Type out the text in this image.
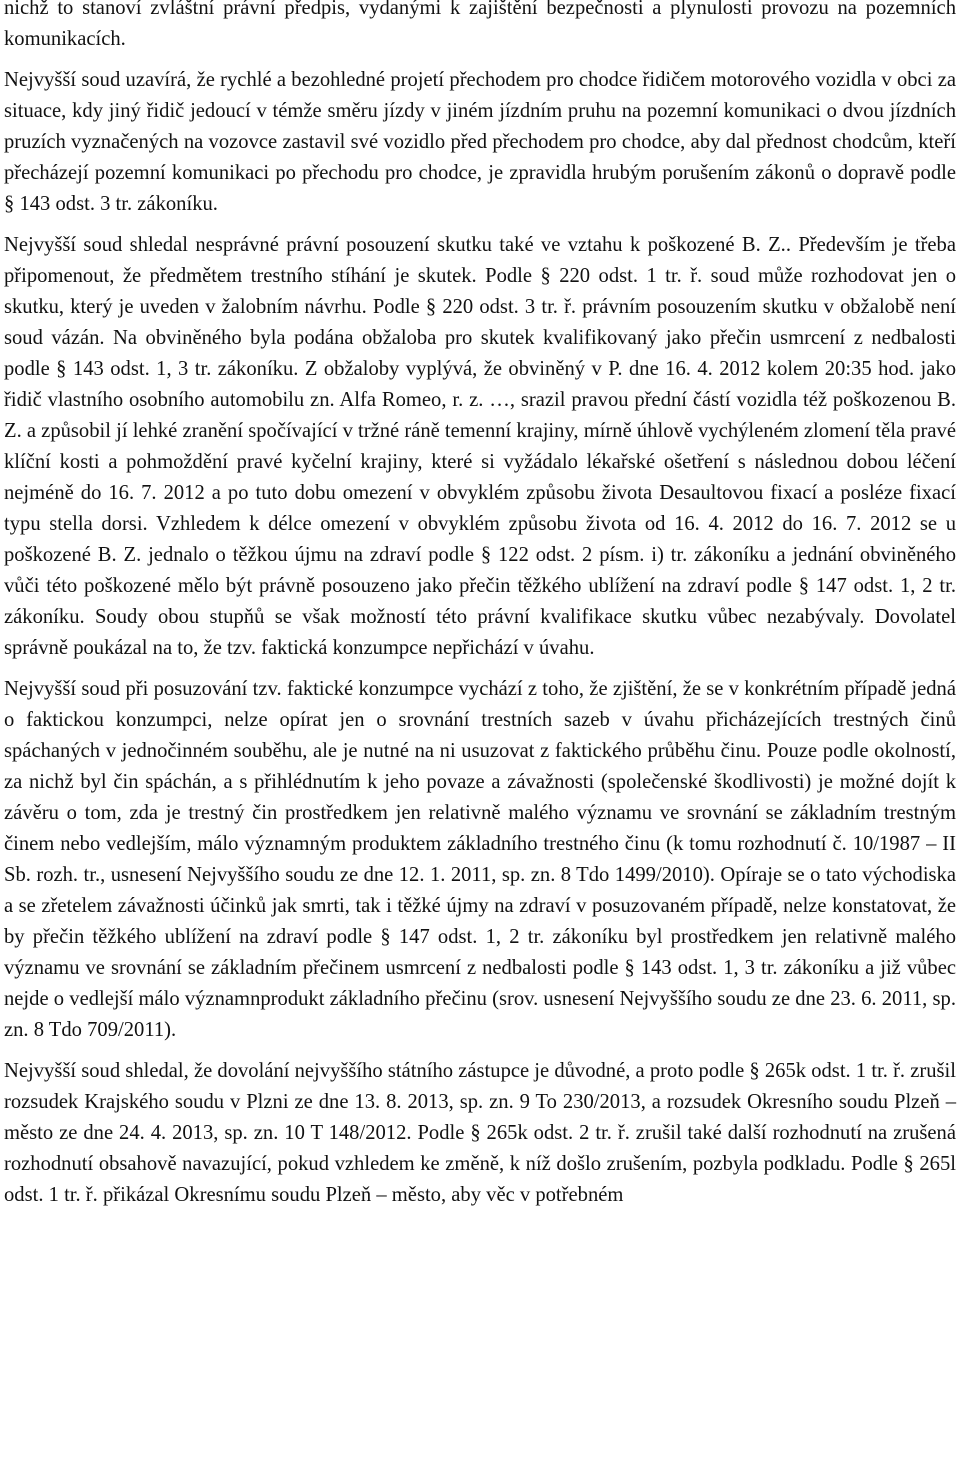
nichž to stanoví zvláštní právní předpis, vydanými k zajištění bezpečnosti a plynulosti provozu na pozemních komunikacích.

Nejvyšší soud uzavírá, že rychlé a bezohledné projetí přechodem pro chodce řidičem motorového vozidla v obci za situace, kdy jiný řidič jedoucí v témže směru jízdy v jiném jízdním pruhu na pozemní komunikaci o dvou jízdních pruzích vyznačených na vozovce zastavil své vozidlo před přechodem pro chodce, aby dal přednost chodcům, kteří přecházejí pozemní komunikaci po přechodu pro chodce, je zpravidla hrubým porušením zákonů o dopravě podle § 143 odst. 3 tr. zákoníku.

Nejvyšší soud shledal nesprávné právní posouzení skutku také ve vztahu k poškozené B. Z.. Především je třeba připomenout, že předmětem trestního stíhání je skutek. Podle § 220 odst. 1 tr. ř. soud může rozhodovat jen o skutku, který je uveden v žalobním návrhu. Podle § 220 odst. 3 tr. ř. právním posouzením skutku v obžalobě není soud vázán. Na obviněného byla podána obžaloba pro skutek kvalifikovaný jako přečin usmrcení z nedbalosti podle § 143 odst. 1, 3 tr. zákoníku. Z obžaloby vyplývá, že obviněný v P. dne 16. 4. 2012 kolem 20:35 hod. jako řidič vlastního osobního automobilu zn. Alfa Romeo, r. z. …, srazil pravou přední částí vozidla též poškozenou B. Z. a způsobil jí lehké zranění spočívající v tržné ráně temenní krajiny, mírně úhlově vychýleném zlomení těla pravé klíční kosti a pohmoždění pravé kyčelní krajiny, které si vyžádalo lékařské ošetření s následnou dobou léčení nejméně do 16. 7. 2012 a po tuto dobu omezení v obvyklém způsobu života Desaultovou fixací a posléze fixací typu stella dorsi. Vzhledem k délce omezení v obvyklém způsobu života od 16. 4. 2012 do 16. 7. 2012 se u poškozené B. Z. jednalo o těžkou újmu na zdraví podle § 122 odst. 2 písm. i) tr. zákoníku a jednání obviněného vůči této poškozené mělo být právně posouzeno jako přečin těžkého ublížení na zdraví podle § 147 odst. 1, 2 tr. zákoníku. Soudy obou stupňů se však možností této právní kvalifikace skutku vůbec nezabývaly. Dovolatel správně poukázal na to, že tzv. faktická konzumpce nepřichází v úvahu.

Nejvyšší soud při posuzování tzv. faktické konzumpce vychází z toho, že zjištění, že se v konkrétním případě jedná o faktickou konzumpci, nelze opírat jen o srovnání trestních sazeb v úvahu přicházejících trestných činů spáchaných v jednočinném souběhu, ale je nutné na ni usuzovat z faktického průběhu činu. Pouze podle okolností, za nichž byl čin spáchán, a s přihlédnutím k jeho povaze a závažnosti (společenské škodlivosti) je možné dojít k závěru o tom, zda je trestný čin prostředkem jen relativně malého významu ve srovnání se základním trestným činem nebo vedlejším, málo významným produktem základního trestného činu (k tomu rozhodnutí č. 10/1987 – II Sb. rozh. tr., usnesení Nejvyššího soudu ze dne 12. 1. 2011, sp. zn. 8 Tdo 1499/2010). Opíraje se o tato východiska a se zřetelem závažnosti účinků jak smrti, tak i těžké újmy na zdraví v posuzovaném případě, nelze konstatovat, že by přečin těžkého ublížení na zdraví podle § 147 odst. 1, 2 tr. zákoníku byl prostředkem jen relativně malého významu ve srovnání se základním přečinem usmrcení z nedbalosti podle § 143 odst. 1, 3 tr. zákoníku a již vůbec nejde o vedlejší málo významnprodukt základního přečinu (srov. usnesení Nejvyššího soudu ze dne 23. 6. 2011, sp. zn. 8 Tdo 709/2011).

Nejvyšší soud shledal, že dovolání nejvyššího státního zástupce je důvodné, a proto podle § 265k odst. 1 tr. ř. zrušil rozsudek Krajského soudu v Plzni ze dne 13. 8. 2013, sp. zn. 9 To 230/2013, a rozsudek Okresního soudu Plzeň – město ze dne 24. 4. 2013, sp. zn. 10 T 148/2012. Podle § 265k odst. 2 tr. ř. zrušil také další rozhodnutí na zrušená rozhodnutí obsahově navazující, pokud vzhledem ke změně, k níž došlo zrušením, pozbyla podkladu. Podle § 265l odst. 1 tr. ř. přikázal Okresnímu soudu Plzeň – město, aby věc v potřebném
